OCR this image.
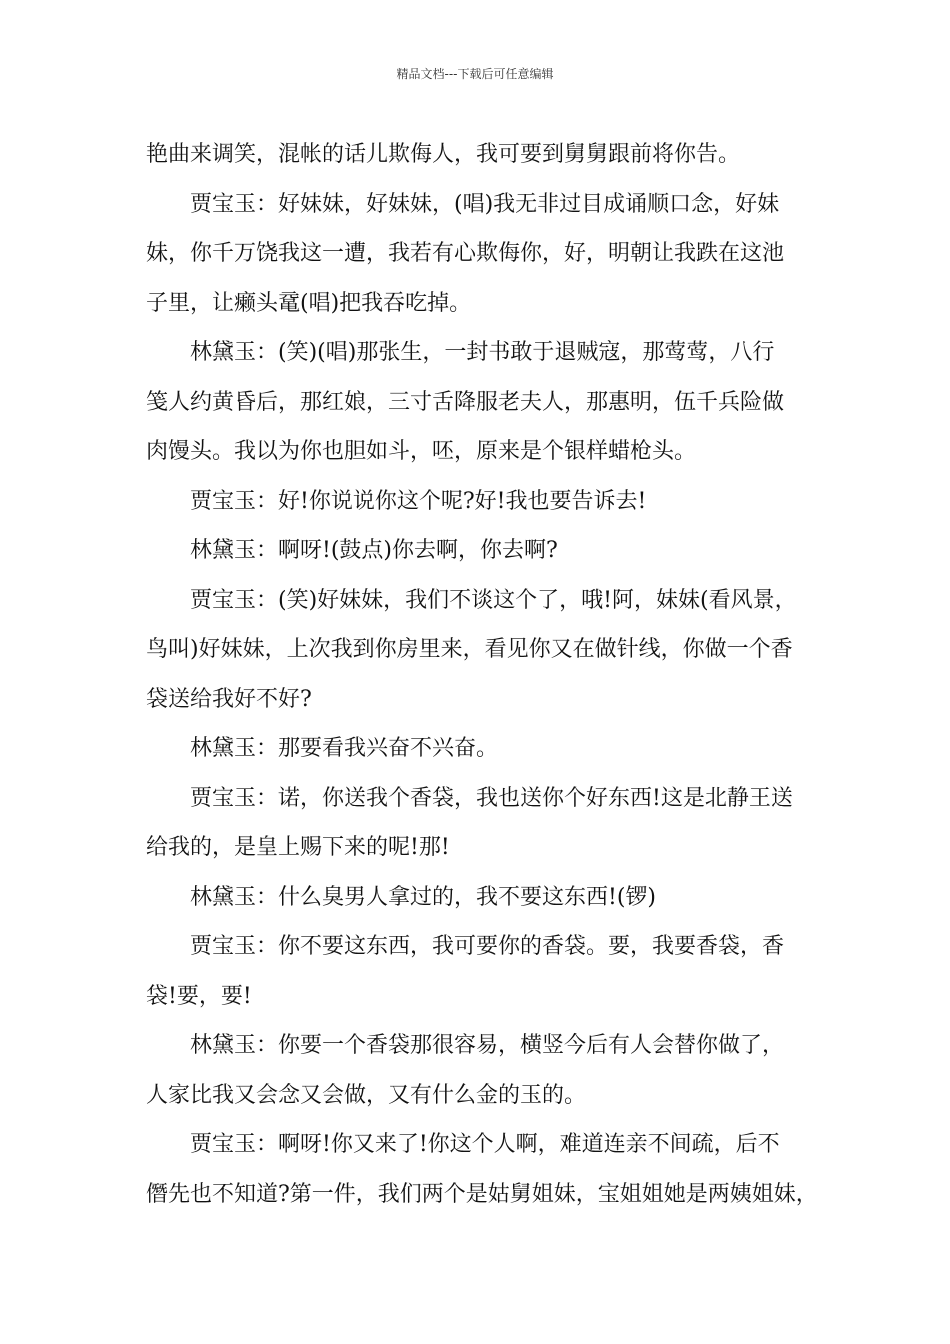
精品文档---下载后可任意编辑
艳曲来调笑，混帐的话儿欺侮人，我可要到舅舅跟前将你告。
贾宝玉：好妹妹，好妹妹，(唱)我无非过目成诵顺口念，好妹
妹，你千万饶我这一遭，我若有心欺侮你，好，明朝让我跌在这池
子里，让癞头鼋(唱)把我吞吃掉。
林黛玉：(笑)(唱)那张生，一封书敢于退贼寇，那莺莺，八行
笺人约黄昏后，那红娘，三寸舌降服老夫人，那惠明，伍千兵险做
肉馒头。我以为你也胆如斗，呸，原来是个银样蜡枪头。
贾宝玉：好!你说说你这个呢?好!我也要告诉去!
林黛玉：啊呀!(鼓点)你去啊，你去啊?
贾宝玉：(笑)好妹妹，我们不谈这个了，哦!阿，妹妹(看风景，
鸟叫)好妹妹，上次我到你房里来，看见你又在做针线，你做一个香
袋送给我好不好?
林黛玉：那要看我兴奋不兴奋。
贾宝玉：诺，你送我个香袋，我也送你个好东西!这是北静王送
给我的，是皇上赐下来的呢!那!
林黛玉：什么臭男人拿过的，我不要这东西!(锣)
贾宝玉：你不要这东西，我可要你的香袋。要，我要香袋，香
袋!要，要!
林黛玉：你要一个香袋那很容易，横竖今后有人会替你做了，
人家比我又会念又会做，又有什么金的玉的。
贾宝玉：啊呀!你又来了!你这个人啊，难道连亲不间疏，后不
僭先也不知道?第一件，我们两个是姑舅姐妹，宝姐姐她是两姨姐妹，
